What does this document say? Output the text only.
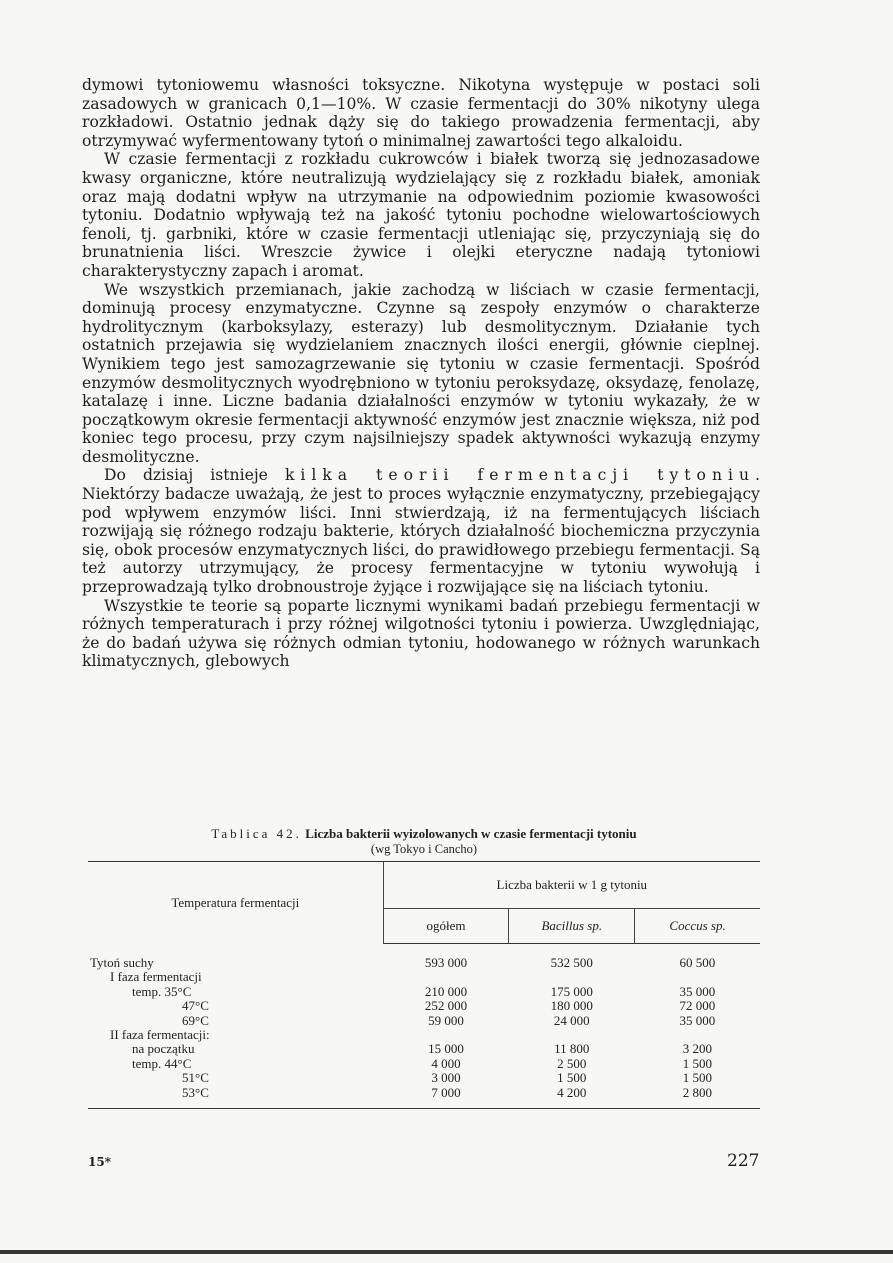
dymowi tytoniowemu własności toksyczne. Nikotyna występuje w postaci soli zasadowych w granicach 0,1—10%. W czasie fermentacji do 30% nikotyny ulega rozkładowi. Ostatnio jednak dąży się do takiego prowadzenia fermentacji, aby otrzymywać wyfermentowany tytoń o minimalnej zawartości tego alkaloidu.

W czasie fermentacji z rozkładu cukrowców i białek tworzą się jednozasadowe kwasy organiczne, które neutralizują wydzielający się z rozkładu białek, amoniak oraz mają dodatni wpływ na utrzymanie na odpowiednim poziomie kwasowości tytoniu. Dodatnio wpływają też na jakość tytoniu pochodne wielowartościowych fenoli, tj. garbniki, które w czasie fermentacji utleniając się, przyczyniają się do brunatnienia liści. Wreszcie żywice i olejki eteryczne nadają tytoniowi charakterystyczny zapach i aromat.

We wszystkich przemianach, jakie zachodzą w liściach w czasie fermentacji, dominują procesy enzymatyczne. Czynne są zespoły enzymów o charakterze hydrolitycznym (karboksylazy, esterazy) lub desmolitycznym. Działanie tych ostatnich przejawia się wydzielaniem znacznych ilości energii, głównie cieplnej. Wynikiem tego jest samozagrzewanie się tytoniu w czasie fermentacji. Spośród enzymów desmolitycznych wyodrębniono w tytoniu peroksydazę, oksydazę, fenolazę, katalazę i inne. Liczne badania działalności enzymów w tytoniu wykazały, że w początkowym okresie fermentacji aktywność enzymów jest znacznie większa, niż pod koniec tego procesu, przy czym najsilniejszy spadek aktywności wykazują enzymy desmolityczne.

Do dzisiaj istnieje kilka teorii fermentacji tytoniu. Niektórzy badacze uważają, że jest to proces wyłącznie enzymatyczny, przebiegający pod wpływem enzymów liści. Inni stwierdzają, iż na fermentujących liściach rozwijają się różnego rodzaju bakterie, których działalność biochemiczna przyczynia się, obok procesów enzymatycznych liści, do prawidłowego przebiegu fermentacji. Są też autorzy utrzymujący, że procesy fermentacyjne w tytoniu wywołują i przeprowadzają tylko drobnoustroje żyjące i rozwijające się na liściach tytoniu.

Wszystkie te teorie są poparte licznymi wynikami badań przebiegu fermentacji w różnych temperaturach i przy różnej wilgotności tytoniu i powierza. Uwzględniając, że do badań używa się różnych odmian tytoniu, hodowanego w różnych warunkach klimatycznych, glebowych

Tablica 42. Liczba bakterii wyizolowanych w czasie fermentacji tytoniu
(wg Tokyo i Cancho)
Temperatura fermentacji	Liczba bakterii w 1 g tytoniu		
	ogółem	Bacillus sp.	Coccus sp.
Tytoń suchy	593 000	532 500	60 500
I faza fermentacji			
temp. 35°C	210 000	175 000	35 000
47°C	252 000	180 000	72 000
69°C	59 000	24 000	35 000
II faza fermentacji:			
na początku	15 000	11 800	3 200
temp. 44°C	4 000	2 500	1 500
51°C	3 000	1 500	1 500
53°C	7 000	4 200	2 800
15*	227
